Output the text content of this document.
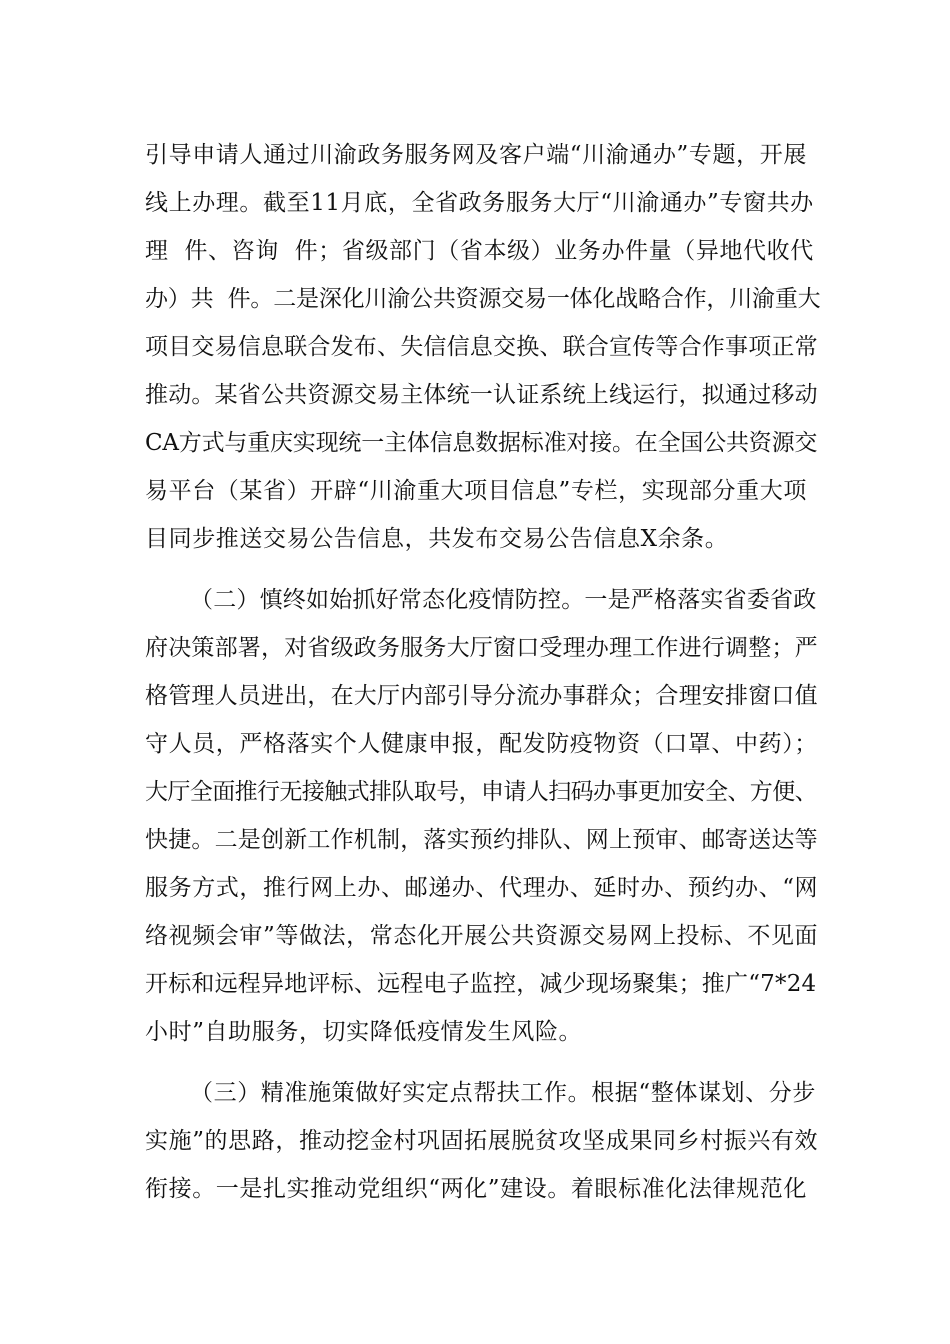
引导申请人通过川渝政务服务网及客户端“川渝通办”专题，开展
线上办理。截至11月底，全省政务服务大厅“川渝通办”专窗共办
理  件、咨询  件；省级部门（省本级）业务办件量（异地代收代
办）共  件。二是深化川渝公共资源交易一体化战略合作，川渝重大
项目交易信息联合发布、失信信息交换、联合宣传等合作事项正常
推动。某省公共资源交易主体统一认证系统上线运行，拟通过移动
CA方式与重庆实现统一主体信息数据标准对接。在全国公共资源交
易平台（某省）开辟“川渝重大项目信息”专栏，实现部分重大项
目同步推送交易公告信息，共发布交易公告信息X余条。
（二）慎终如始抓好常态化疫情防控。一是严格落实省委省政
府决策部署，对省级政务服务大厅窗口受理办理工作进行调整；严
格管理人员进出，在大厅内部引导分流办事群众；合理安排窗口值
守人员，严格落实个人健康申报，配发防疫物资（口罩、中药）；
大厅全面推行无接触式排队取号，申请人扫码办事更加安全、方便、
快捷。二是创新工作机制，落实预约排队、网上预审、邮寄送达等
服务方式，推行网上办、邮递办、代理办、延时办、预约办、“网
络视频会审”等做法，常态化开展公共资源交易网上投标、不见面
开标和远程异地评标、远程电子监控，减少现场聚集；推广“7*24
小时”自助服务，切实降低疫情发生风险。
（三）精准施策做好实定点帮扶工作。根据“整体谋划、分步
实施”的思路，推动挖金村巩固拓展脱贫攻坚成果同乡村振兴有效
衔接。一是扎实推动党组织“两化”建设。着眼标准化法律规范化
